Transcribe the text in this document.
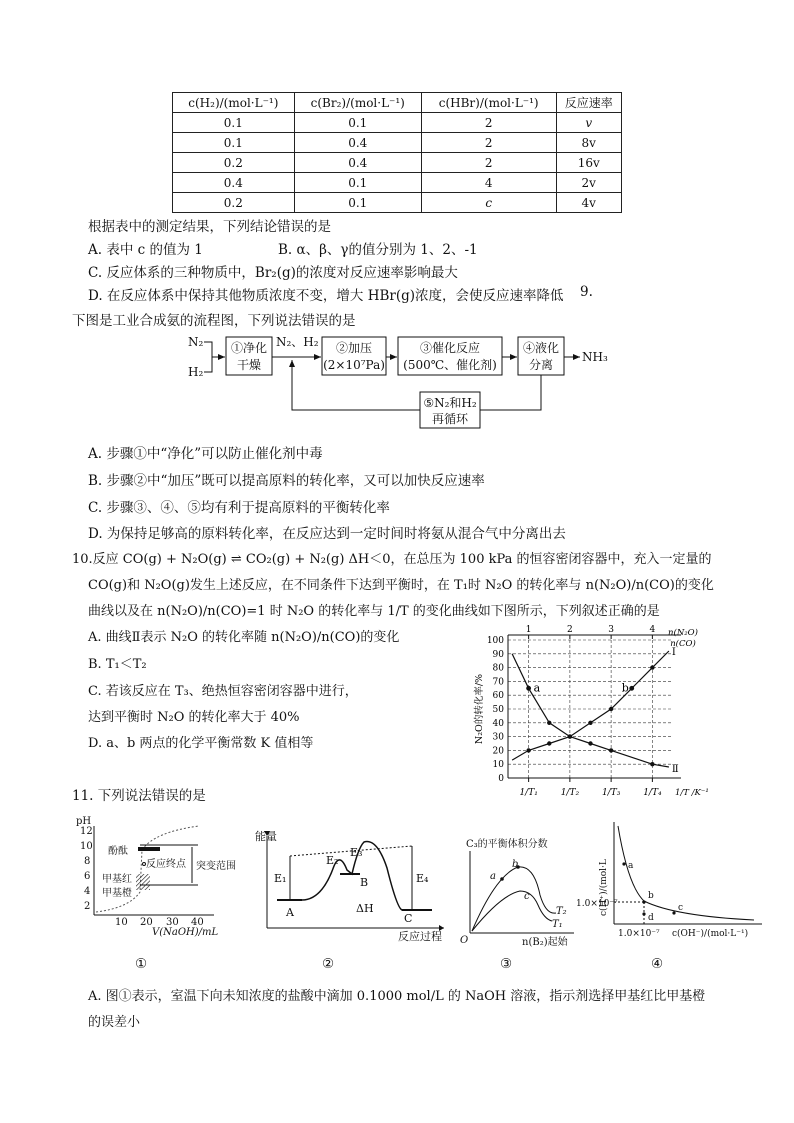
c(H₂)/(mol·L⁻¹)	c(Br₂)/(mol·L⁻¹)	c(HBr)/(mol·L⁻¹)	反应速率
0.1	0.1	2	v
0.1	0.4	2	8v
0.2	0.4	2	16v
0.4	0.1	4	2v
0.2	0.1	c	4v
根据表中的测定结果，下列结论错误的是
A. 表中 c 的值为 1	B. α、β、γ的值分别为 1、2、-1
C. 反应体系的三种物质中，Br₂(g)的浓度对反应速率影响最大
D. 在反应体系中保持其他物质浓度不变，增大 HBr(g)浓度，会使反应速率降低 9.
下图是工业合成氨的流程图，下列说法错误的是
N₂
H₂
①净化
干燥
N₂、H₂ ②加压
(2×10⁷Pa)
③催化反应
(500℃、催化剂)
④液化
分离
NH₃
⑤N₂和H₂
再循环
A. 步骤①中“净化”可以防止催化剂中毒
B. 步骤②中“加压”既可以提高原料的转化率，又可以加快反应速率
C. 步骤③、④、⑤均有利于提高原料的平衡转化率
D. 为保持足够高的原料转化率，在反应达到一定时间时将氨从混合气中分离出去
10.反应 CO(g) + N₂O(g) ⇌ CO₂(g) + N₂(g) ΔH＜0，在总压为 100 kPa 的恒容密闭容器中，充入一定量的
CO(g)和 N₂O(g)发生上述反应，在不同条件下达到平衡时，在 T₁时 N₂O 的转化率与 n(N₂O)/n(CO)的变化
曲线以及在 n(N₂O)/n(CO)=1 时 N₂O 的转化率与 1/T 的变化曲线如下图所示，下列叙述正确的是
A. 曲线Ⅱ表示 N₂O 的转化率随 n(N₂O)/n(CO)的变化
B. T₁＜T₂
C. 若该反应在 T₃、绝热恒容密闭容器中进行，
达到平衡时 N₂O 的转化率大于 40%
D. a、b 两点的化学平衡常数 K 值相等
0
10
20
30
40
50
60
70
80
90
100
1	2	3	4
1/T₁	1/T₂	1/T₃	1/T₄ 1/T /K⁻¹
n(N₂O)
n(CO)
N₂O的转化率/%
Ⅰ
Ⅱ
a	b
11. 下列说法错误的是
pH
12
10
8
6
4
2
10 20 30 40
V(NaOH)/mL
酚酞
反应终点 突变范围
甲基红
甲基橙
①
能量
E₁
E₂
E₃
E₄
A
B
C
ΔH
反应过程
②
C₃的平衡体积分数
a
b
c
T₂
T₁
O	n(B₂)起始
③
c(H⁺)/(mol·L a
b
d
c
1.0×10⁻⁷
1.0×10⁻⁷ c(OH⁻)/(mol·L⁻¹)
④
A. 图①表示，室温下向未知浓度的盐酸中滴加 0.1000 mol/L 的 NaOH 溶液，指示剂选择甲基红比甲基橙
的误差小
